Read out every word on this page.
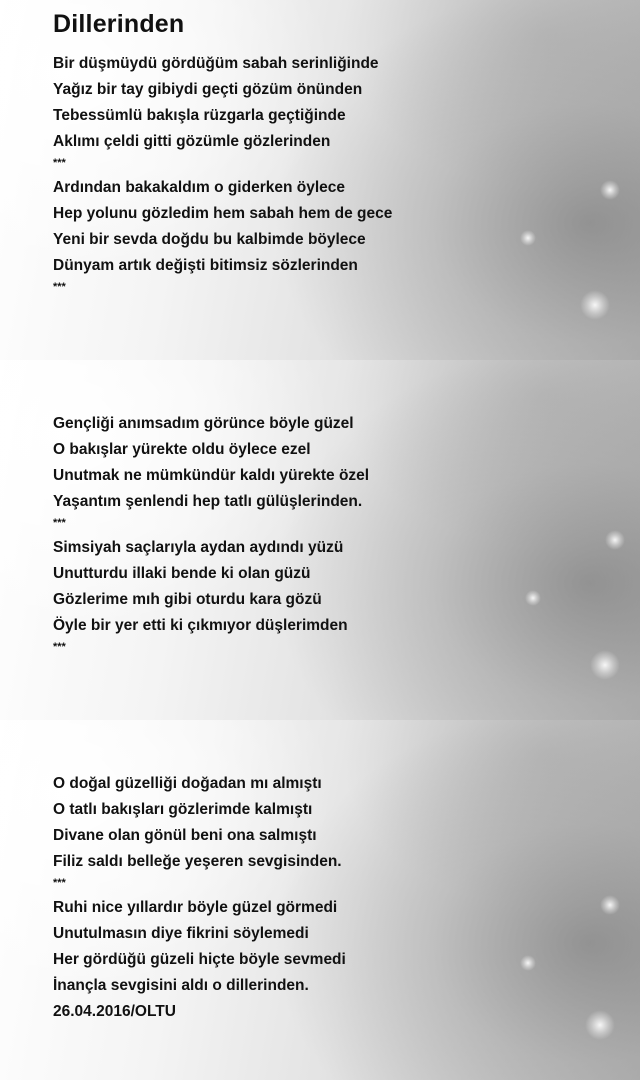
Dillerinden
Bir düşmüydü gördüğüm sabah serinliğinde
Yağız bir tay gibiydi geçti gözüm önünden
Tebessümlü bakışla rüzgarla geçtiğinde
Aklımı çeldi gitti gözümle gözlerinden
***
Ardından bakakaldım o giderken öylece
Hep yolunu gözledim hem sabah hem de gece
Yeni bir sevda doğdu bu kalbimde böylece
Dünyam artık değişti bitimsiz sözlerinden
***
Gençliği anımsadım görünce böyle güzel
O bakışlar yürekte oldu öylece ezel
Unutmak ne mümkündür kaldı yürekte özel
Yaşantım şenlendi hep tatlı gülüşlerinden.
***
Simsiyah saçlarıyla aydan aydındı yüzü
Unutturdu illaki bende ki olan güzü
Gözlerime mıh gibi oturdu kara gözü
Öyle bir yer etti ki çıkmıyor düşlerimden
***
O doğal güzelliği doğadan mı almıştı
O tatlı bakışları gözlerimde kalmıştı
Divane olan gönül beni ona salmıştı
Filiz saldı belleğe yeşeren sevgisinden.
***
Ruhi nice yıllardır böyle güzel görmedi
Unutulmasın diye fikrini söylemedi
Her gördüğü güzeli hiçte böyle sevmedi
İnançla sevgisini aldı o dillerinden.
26.04.2016/OLTU
